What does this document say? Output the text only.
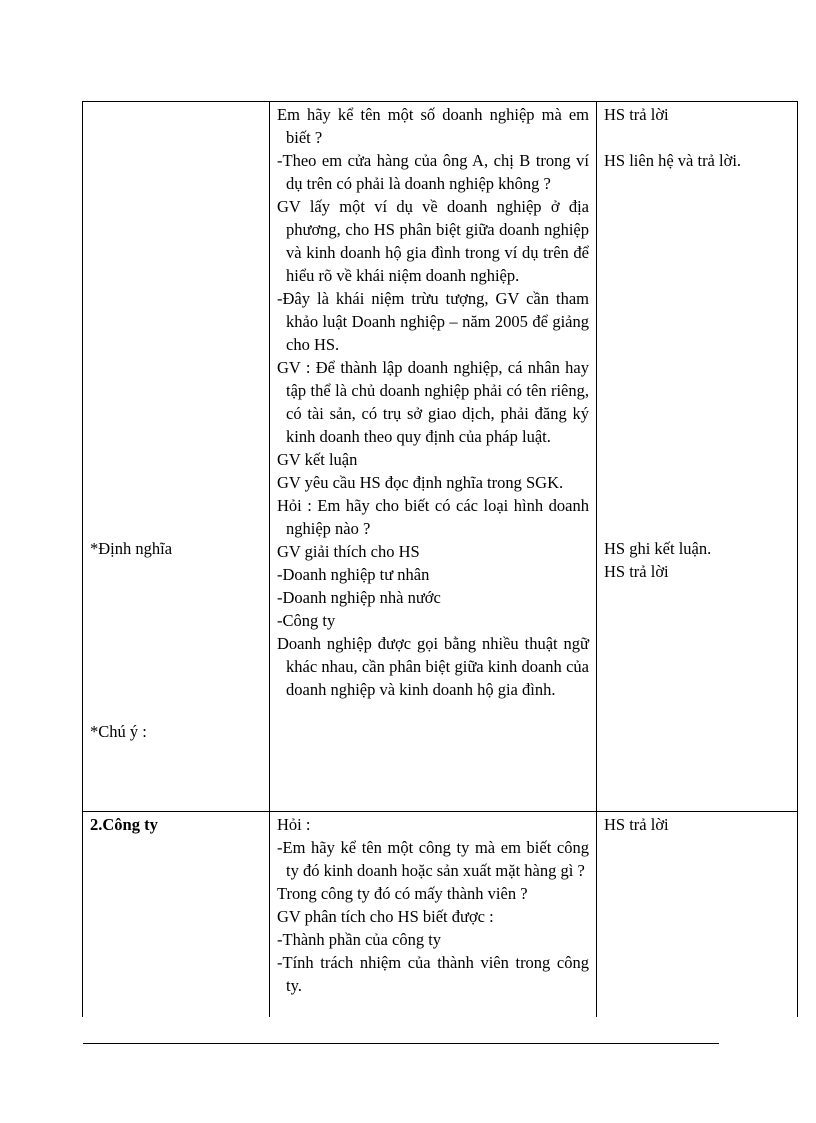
*Định nghĩa

*Chú ý :

Em hãy kể tên một số doanh nghiệp mà em biết ?

-Theo em cửa hàng của ông A, chị B trong ví dụ trên có phải là doanh nghiệp không ?

GV lấy một ví dụ về doanh nghiệp ở địa phương, cho HS phân biệt giữa doanh nghiệp và kinh doanh hộ gia đình trong ví dụ trên để hiểu rõ về khái niệm doanh nghiệp.

-Đây là khái niệm trừu tượng, GV cần tham khảo luật Doanh nghiệp – năm 2005 để giảng cho HS.

GV : Để thành lập doanh nghiệp, cá nhân hay tập thể là chủ doanh nghiệp phải có tên riêng, có tài sản, có trụ sở giao dịch, phải đăng ký kinh doanh theo quy định của pháp luật.

GV kết luận

GV yêu cầu HS đọc định nghĩa trong SGK.

Hỏi : Em hãy cho biết có các loại hình doanh nghiệp nào ?

GV giải thích cho HS

-Doanh nghiệp tư nhân

-Doanh nghiệp nhà nước

-Công ty

Doanh nghiệp được gọi bằng nhiều thuật ngữ khác nhau, cần phân biệt giữa kinh doanh của doanh nghiệp và kinh doanh hộ gia đình.

HS trả lời

HS liên hệ và trả lời.

HS ghi kết luận.

HS trả lời

2.Công ty	Hỏi :

-Em hãy kể tên một công ty mà em biết công ty đó kinh doanh hoặc sản xuất mặt hàng gì ?

Trong công ty đó có mấy thành viên ?

GV phân tích cho HS biết được :

-Thành phần của công ty

-Tính trách nhiệm của thành viên trong công ty.

HS trả lời
